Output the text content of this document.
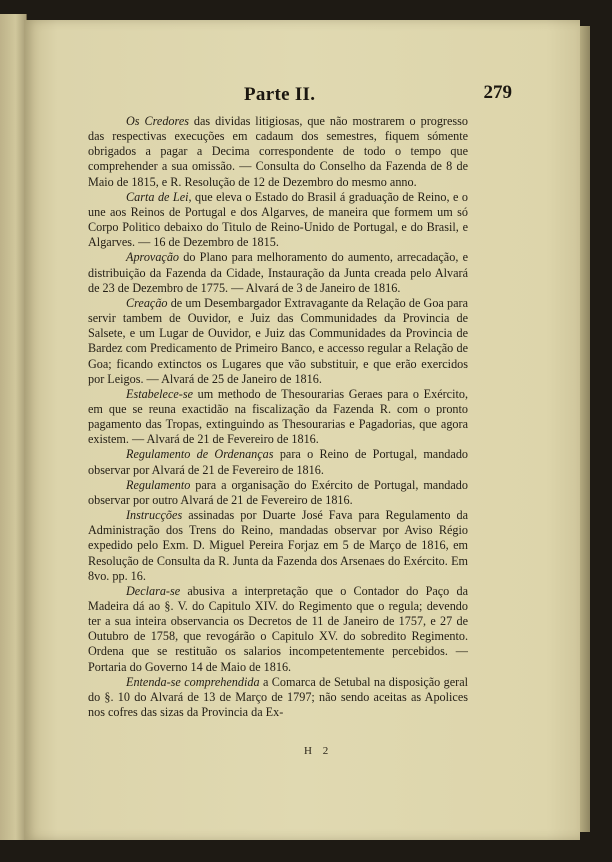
Parte II.	279

Os Credores das dividas litigiosas, que não mostrarem o progresso das respectivas execuções em cadaum dos semestres, fiquem sómente obrigados a pagar a Decima correspondente de todo o tempo que comprehender a sua omissão. — Consulta do Conselho da Fazenda de 8 de Maio de 1815, e R. Resolução de 12 de Dezembro do mesmo anno.

Carta de Lei, que eleva o Estado do Brasil á graduação de Reino, e o une aos Reinos de Portugal e dos Algarves, de maneira que formem um só Corpo Politico debaixo do Titulo de Reino-Unido de Portugal, e do Brasil, e Algarves. — 16 de Dezembro de 1815.

Aprovação do Plano para melhoramento do aumento, arrecadação, e distribuição da Fazenda da Cidade, Instauração da Junta creada pelo Alvará de 23 de Dezembro de 1775. — Alvará de 3 de Janeiro de 1816.

Creação de um Desembargador Extravagante da Relação de Goa para servir tambem de Ouvidor, e Juiz das Communidades da Provincia de Salsete, e um Lugar de Ouvidor, e Juiz das Communidades da Provincia de Bardez com Predicamento de Primeiro Banco, e accesso regular a Relação de Goa; ficando extinctos os Lugares que vão substituir, e que erão exercidos por Leigos. — Alvará de 25 de Janeiro de 1816.

Estabelece-se um methodo de Thesourarias Geraes para o Exército, em que se reuna exactidão na fiscalização da Fazenda R. com o pronto pagamento das Tropas, extinguindo as Thesourarias e Pagadorias, que agora existem. — Alvará de 21 de Fevereiro de 1816.

Regulamento de Ordenanças para o Reino de Portugal, mandado observar por Alvará de 21 de Fevereiro de 1816.

Regulamento para a organisação do Exército de Portugal, mandado observar por outro Alvará de 21 de Fevereiro de 1816.

Instrucções assinadas por Duarte José Fava para Regulamento da Administração dos Trens do Reino, mandadas observar por Aviso Régio expedido pelo Exm. D. Miguel Pereira Forjaz em 5 de Março de 1816, em Resolução de Consulta da R. Junta da Fazenda dos Arsenaes do Exército. Em 8vo. pp. 16.

Declara-se abusiva a interpretação que o Contador do Paço da Madeira dá ao §. V. do Capitulo XIV. do Regimento que o regula; devendo ter a sua inteira observancia os Decretos de 11 de Janeiro de 1757, e 27 de Outubro de 1758, que revogárão o Capitulo XV. do sobredito Regimento. Ordena que se restituão os salarios incompetentemente percebidos. — Portaria do Governo 14 de Maio de 1816.

Entenda-se comprehendida a Comarca de Setubal na disposição geral do §. 10 do Alvará de 13 de Março de 1797; não sendo aceitas as Apolices nos cofres das sizas da Provincia da Ex-

H 2
